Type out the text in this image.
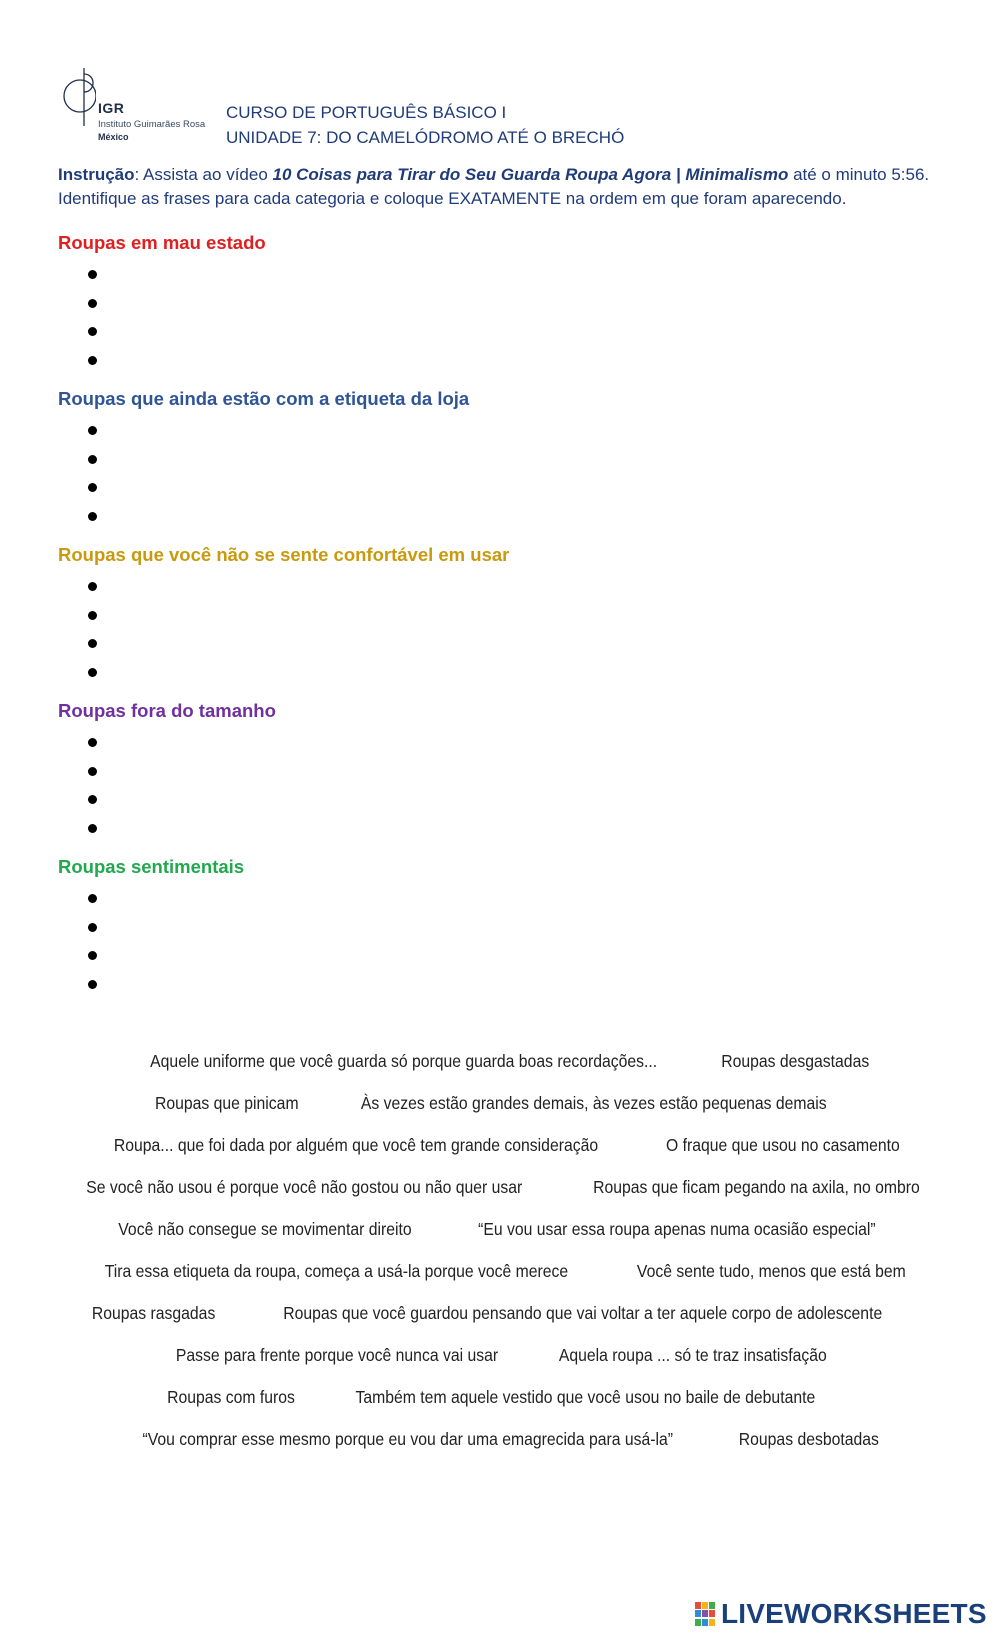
IGR
Instituto Guimarães Rosa
México
CURSO DE PORTUGUÊS BÁSICO I
UNIDADE 7: DO CAMELÓDROMO ATÉ O BRECHÓ
Instrução: Assista ao vídeo 10 Coisas para Tirar do Seu Guarda Roupa Agora | Minimalismo até o minuto 5:56. Identifique as frases para cada categoria e coloque EXATAMENTE na ordem em que foram aparecendo.
Roupas em mau estado
Roupas que ainda estão com a etiqueta da loja
Roupas que você não se sente confortável em usar
Roupas fora do tamanho
Roupas sentimentais
Aquele uniforme que você guarda só porque guarda boas recordações...	Roupas desgastadas
Roupas que pinicam	Às vezes estão grandes demais, às vezes estão pequenas demais
Roupa... que foi dada por alguém que você tem grande consideração	O fraque que usou no casamento
Se você não usou é porque você não gostou ou não quer usar	Roupas que ficam pegando na axila, no ombro
Você não consegue se movimentar direito	“Eu vou usar essa roupa apenas numa ocasião especial”
Tira essa etiqueta da roupa, começa a usá-la porque você merece	Você sente tudo, menos que está bem
Roupas rasgadas	Roupas que você guardou pensando que vai voltar a ter aquele corpo de adolescente
Passe para frente porque você nunca vai usar	Aquela roupa ... só te traz insatisfação
Roupas com furos	Também tem aquele vestido que você usou no baile de debutante
“Vou comprar esse mesmo porque eu vou dar uma emagrecida para usá-la”	Roupas desbotadas
LIVEWORKSHEETS
